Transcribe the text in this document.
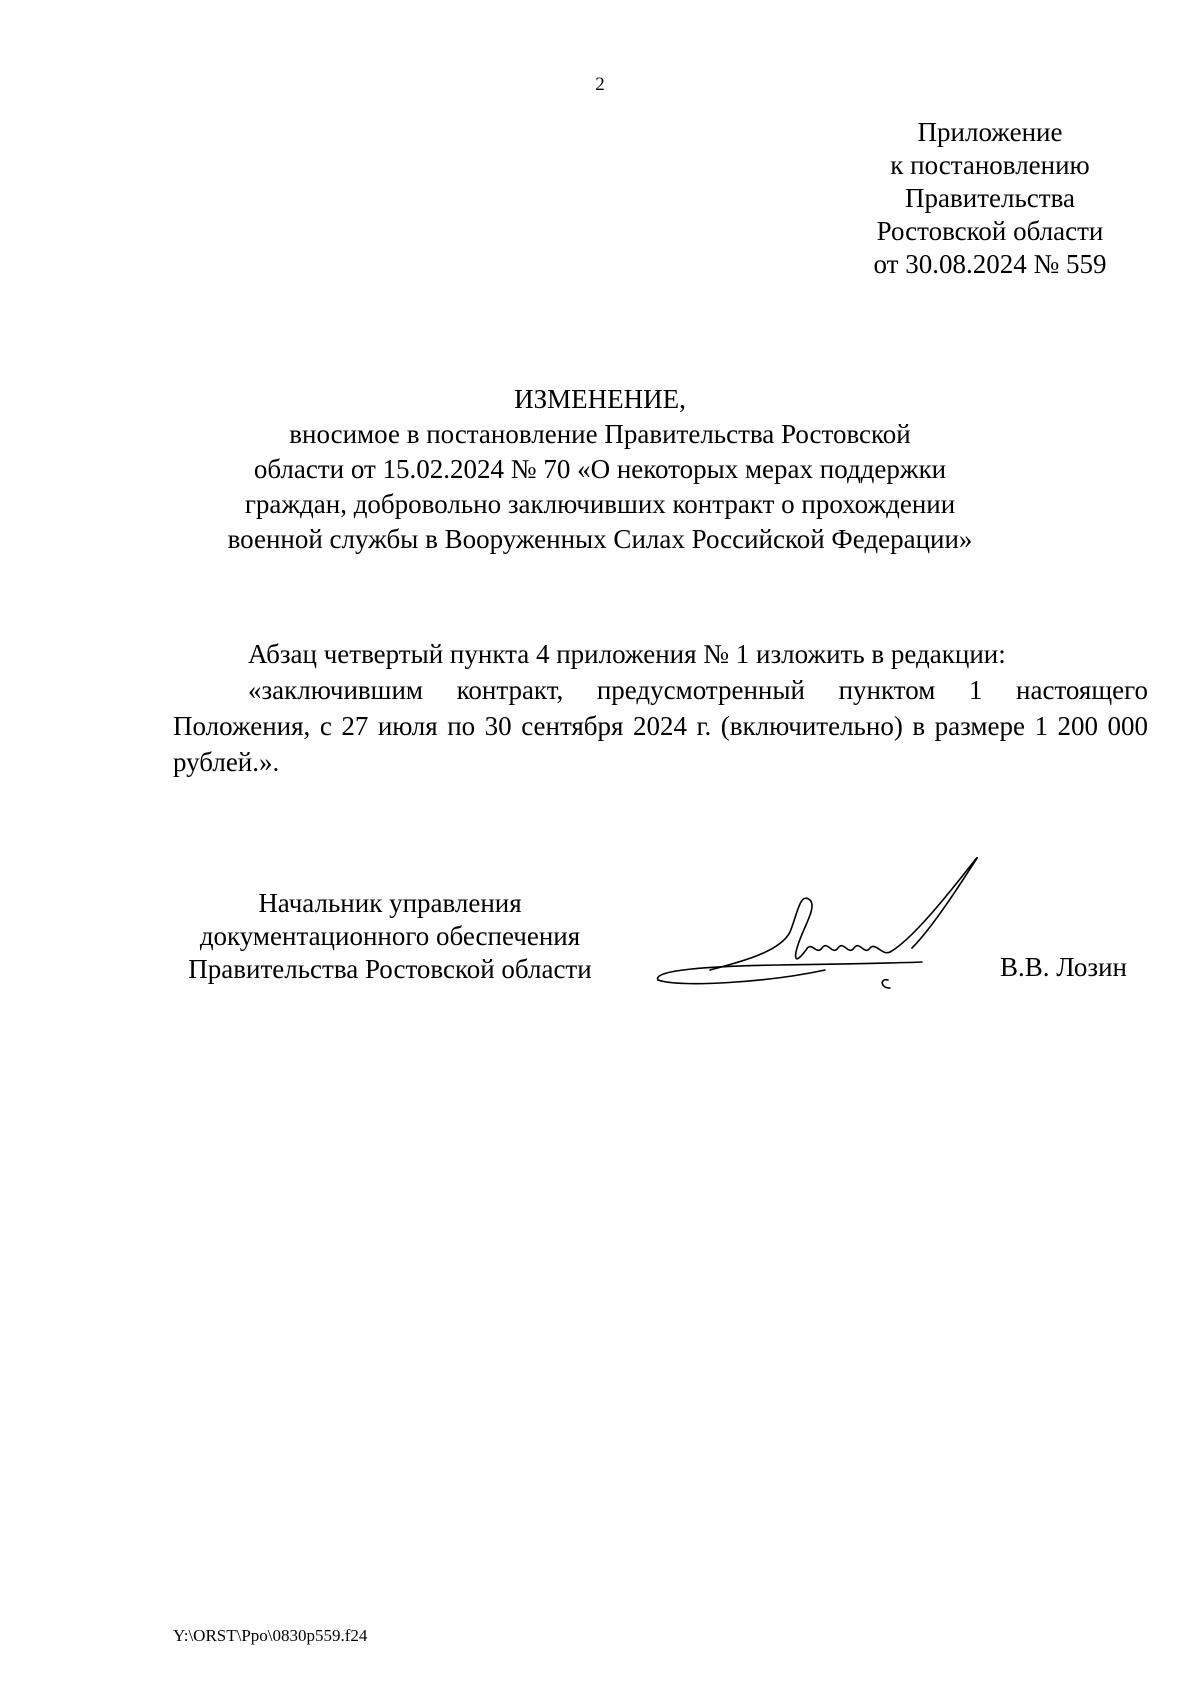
2
Приложение
к постановлению
Правительства
Ростовской области
от 30.08.2024 № 559
ИЗМЕНЕНИЕ,
вносимое в постановление Правительства Ростовской
области от 15.02.2024 № 70 «О некоторых мерах поддержки
граждан, добровольно заключивших контракт о прохождении
военной службы в Вооруженных Силах Российской Федерации»

Абзац четвертый пункта 4 приложения № 1 изложить в редакции:

«заключившим контракт, предусмотренный пунктом 1 настоящего Положения, с 27 июля по 30 сентября 2024 г. (включительно) в размере 1 200 000 рублей.».

Начальник управления
документационного обеспечения
Правительства Ростовской области	В.В. Лозин
Y:\ORST\Ppo\0830p559.f24
